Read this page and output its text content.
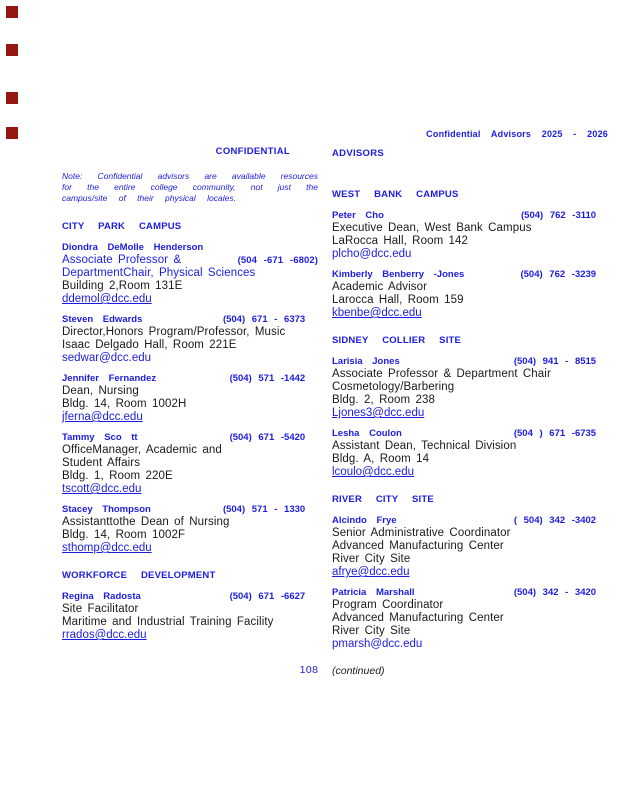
Confidential Advisors 2025 - 2026
CONFIDENTIAL	ADVISORS
Note: Confidential advisors are available resources
for the entire college community, not just the
campus/site of their physical locales.
CITY PARK CAMPUS
Diondra DeMolle Henderson
Associate Professor &	(504 -671 -6802)
DepartmentChair, Physical Sciences
Building 2,Room 131E
ddemol@dcc.edu
Steven Edwards	(504) 671 - 6373
Director,Honors Program/Professor, Music
Isaac Delgado Hall, Room 221E
sedwar@dcc.edu
Jennifer Fernandez	(504) 571 -1442
Dean, Nursing
Bldg. 14, Room 1002H
jferna@dcc.edu
Tammy Sco tt	(504) 671 -5420
OfficeManager, Academic and
Student Affairs
Bldg. 1, Room 220E
tscott@dcc.edu
Stacey Thompson	(504) 571 - 1330
Assistanttothe Dean of Nursing
Bldg. 14, Room 1002F
sthomp@dcc.edu
WORKFORCE DEVELOPMENT
Regina Radosta	(504) 671 -6627
Site Facilitator
Maritime and Industrial Training Facility
rrados@dcc.edu
WEST BANK CAMPUS
Peter Cho	(504) 762 -3110
Executive Dean, West Bank Campus
LaRocca Hall, Room 142
plcho@dcc.edu
Kimberly Benberry -Jones	(504) 762 -3239
Academic Advisor
Larocca Hall, Room 159
kbenbe@dcc.edu
SIDNEY COLLIER SITE
Larisia Jones	(504) 941 - 8515
Associate Professor & Department Chair
Cosmetology/Barbering
Bldg. 2, Room 238
Ljones3@dcc.edu
Lesha Coulon	(504 ) 671 -6735
Assistant Dean, Technical Division
Bldg. A, Room 14
lcoulo@dcc.edu
RIVER CITY SITE
Alcindo Frye	( 504) 342 -3402
Senior Administrative Coordinator
Advanced Manufacturing Center
River City Site
afrye@dcc.edu
Patricia Marshall	(504) 342 - 3420
Program Coordinator
Advanced Manufacturing Center
River City Site
pmarsh@dcc.edu
(continued)
108
